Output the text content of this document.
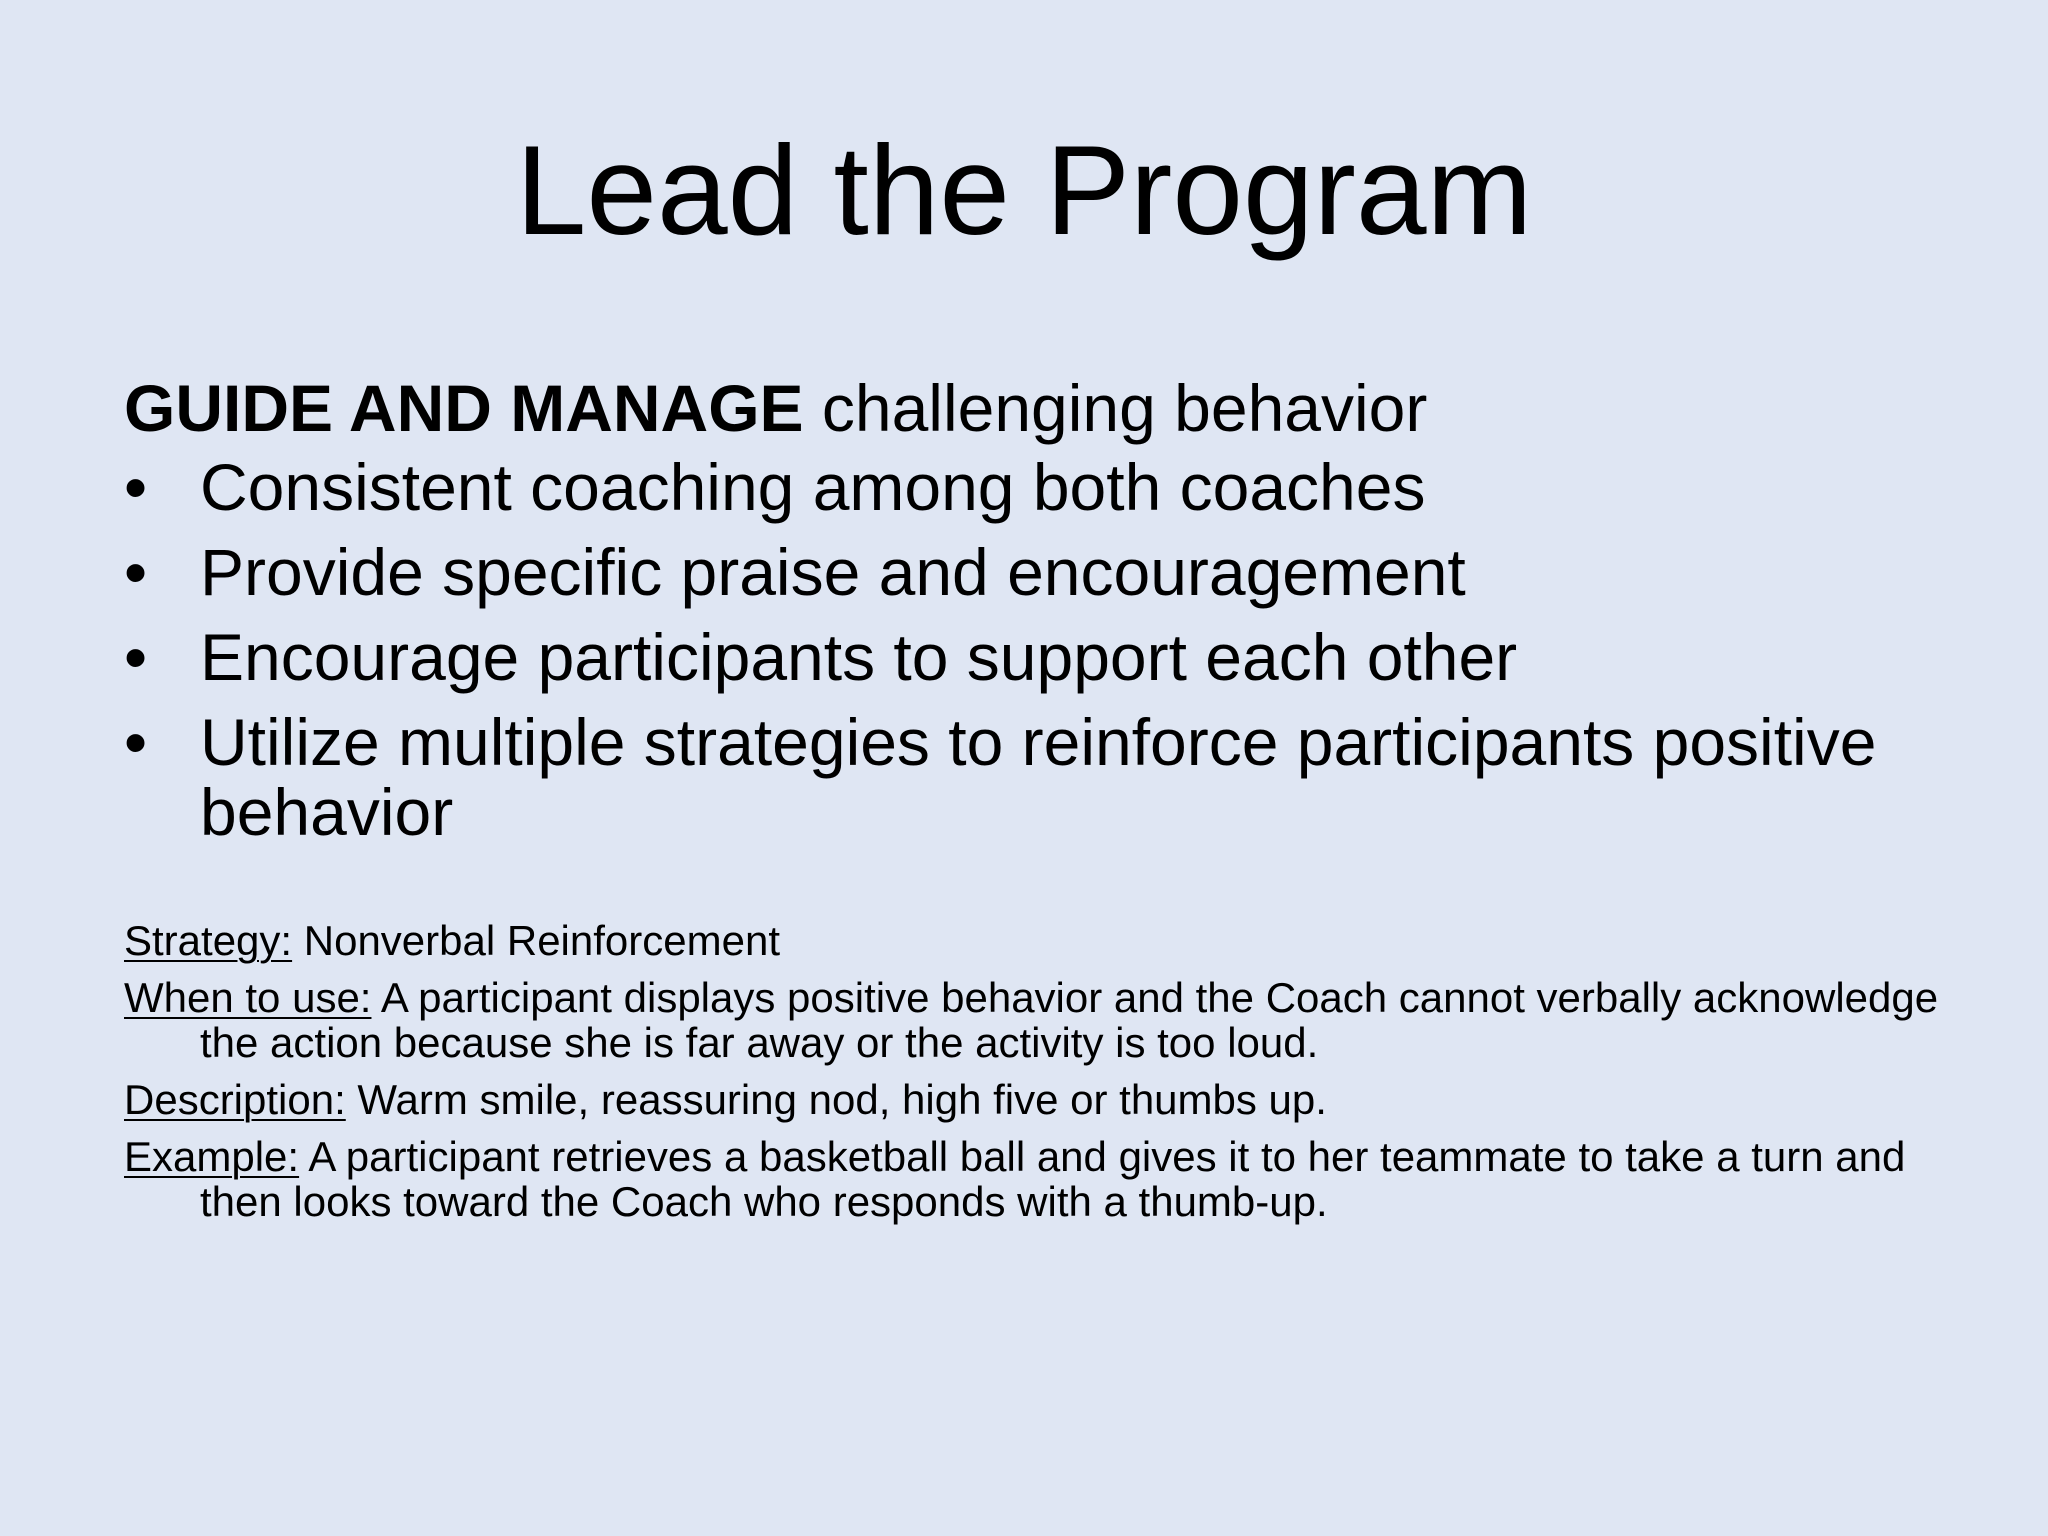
Lead the Program
GUIDE AND MANAGE challenging behavior
• Consistent coaching among both coaches
• Provide specific praise and encouragement
• Encourage participants to support each other
• Utilize multiple strategies to reinforce participants positive behavior
Strategy: Nonverbal Reinforcement
When to use: A participant displays positive behavior and the Coach cannot verbally acknowledge the action because she is far away or the activity is too loud.
Description: Warm smile, reassuring nod, high five or thumbs up.
Example: A participant retrieves a basketball ball and gives it to her teammate to take a turn and then looks toward the Coach who responds with a thumb-up.
